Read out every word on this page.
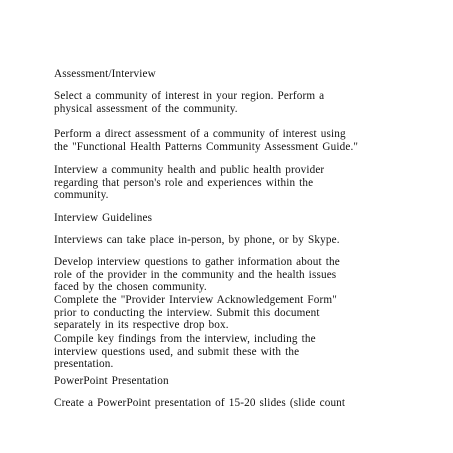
Assessment/Interview

Select a community of interest in your region. Perform a
physical assessment of the community.

Perform a direct assessment of a community of interest using
the "Functional Health Patterns Community Assessment Guide."

Interview a community health and public health provider
regarding that person's role and experiences within the
community.

Interview Guidelines

Interviews can take place in-person, by phone, or by Skype.

Develop interview questions to gather information about the
role of the provider in the community and the health issues
faced by the chosen community.

Complete the "Provider Interview Acknowledgement Form"
prior to conducting the interview. Submit this document
separately in its respective drop box.

Compile key findings from the interview, including the
interview questions used, and submit these with the
presentation.

PowerPoint Presentation

Create a PowerPoint presentation of 15-20 slides (slide count
